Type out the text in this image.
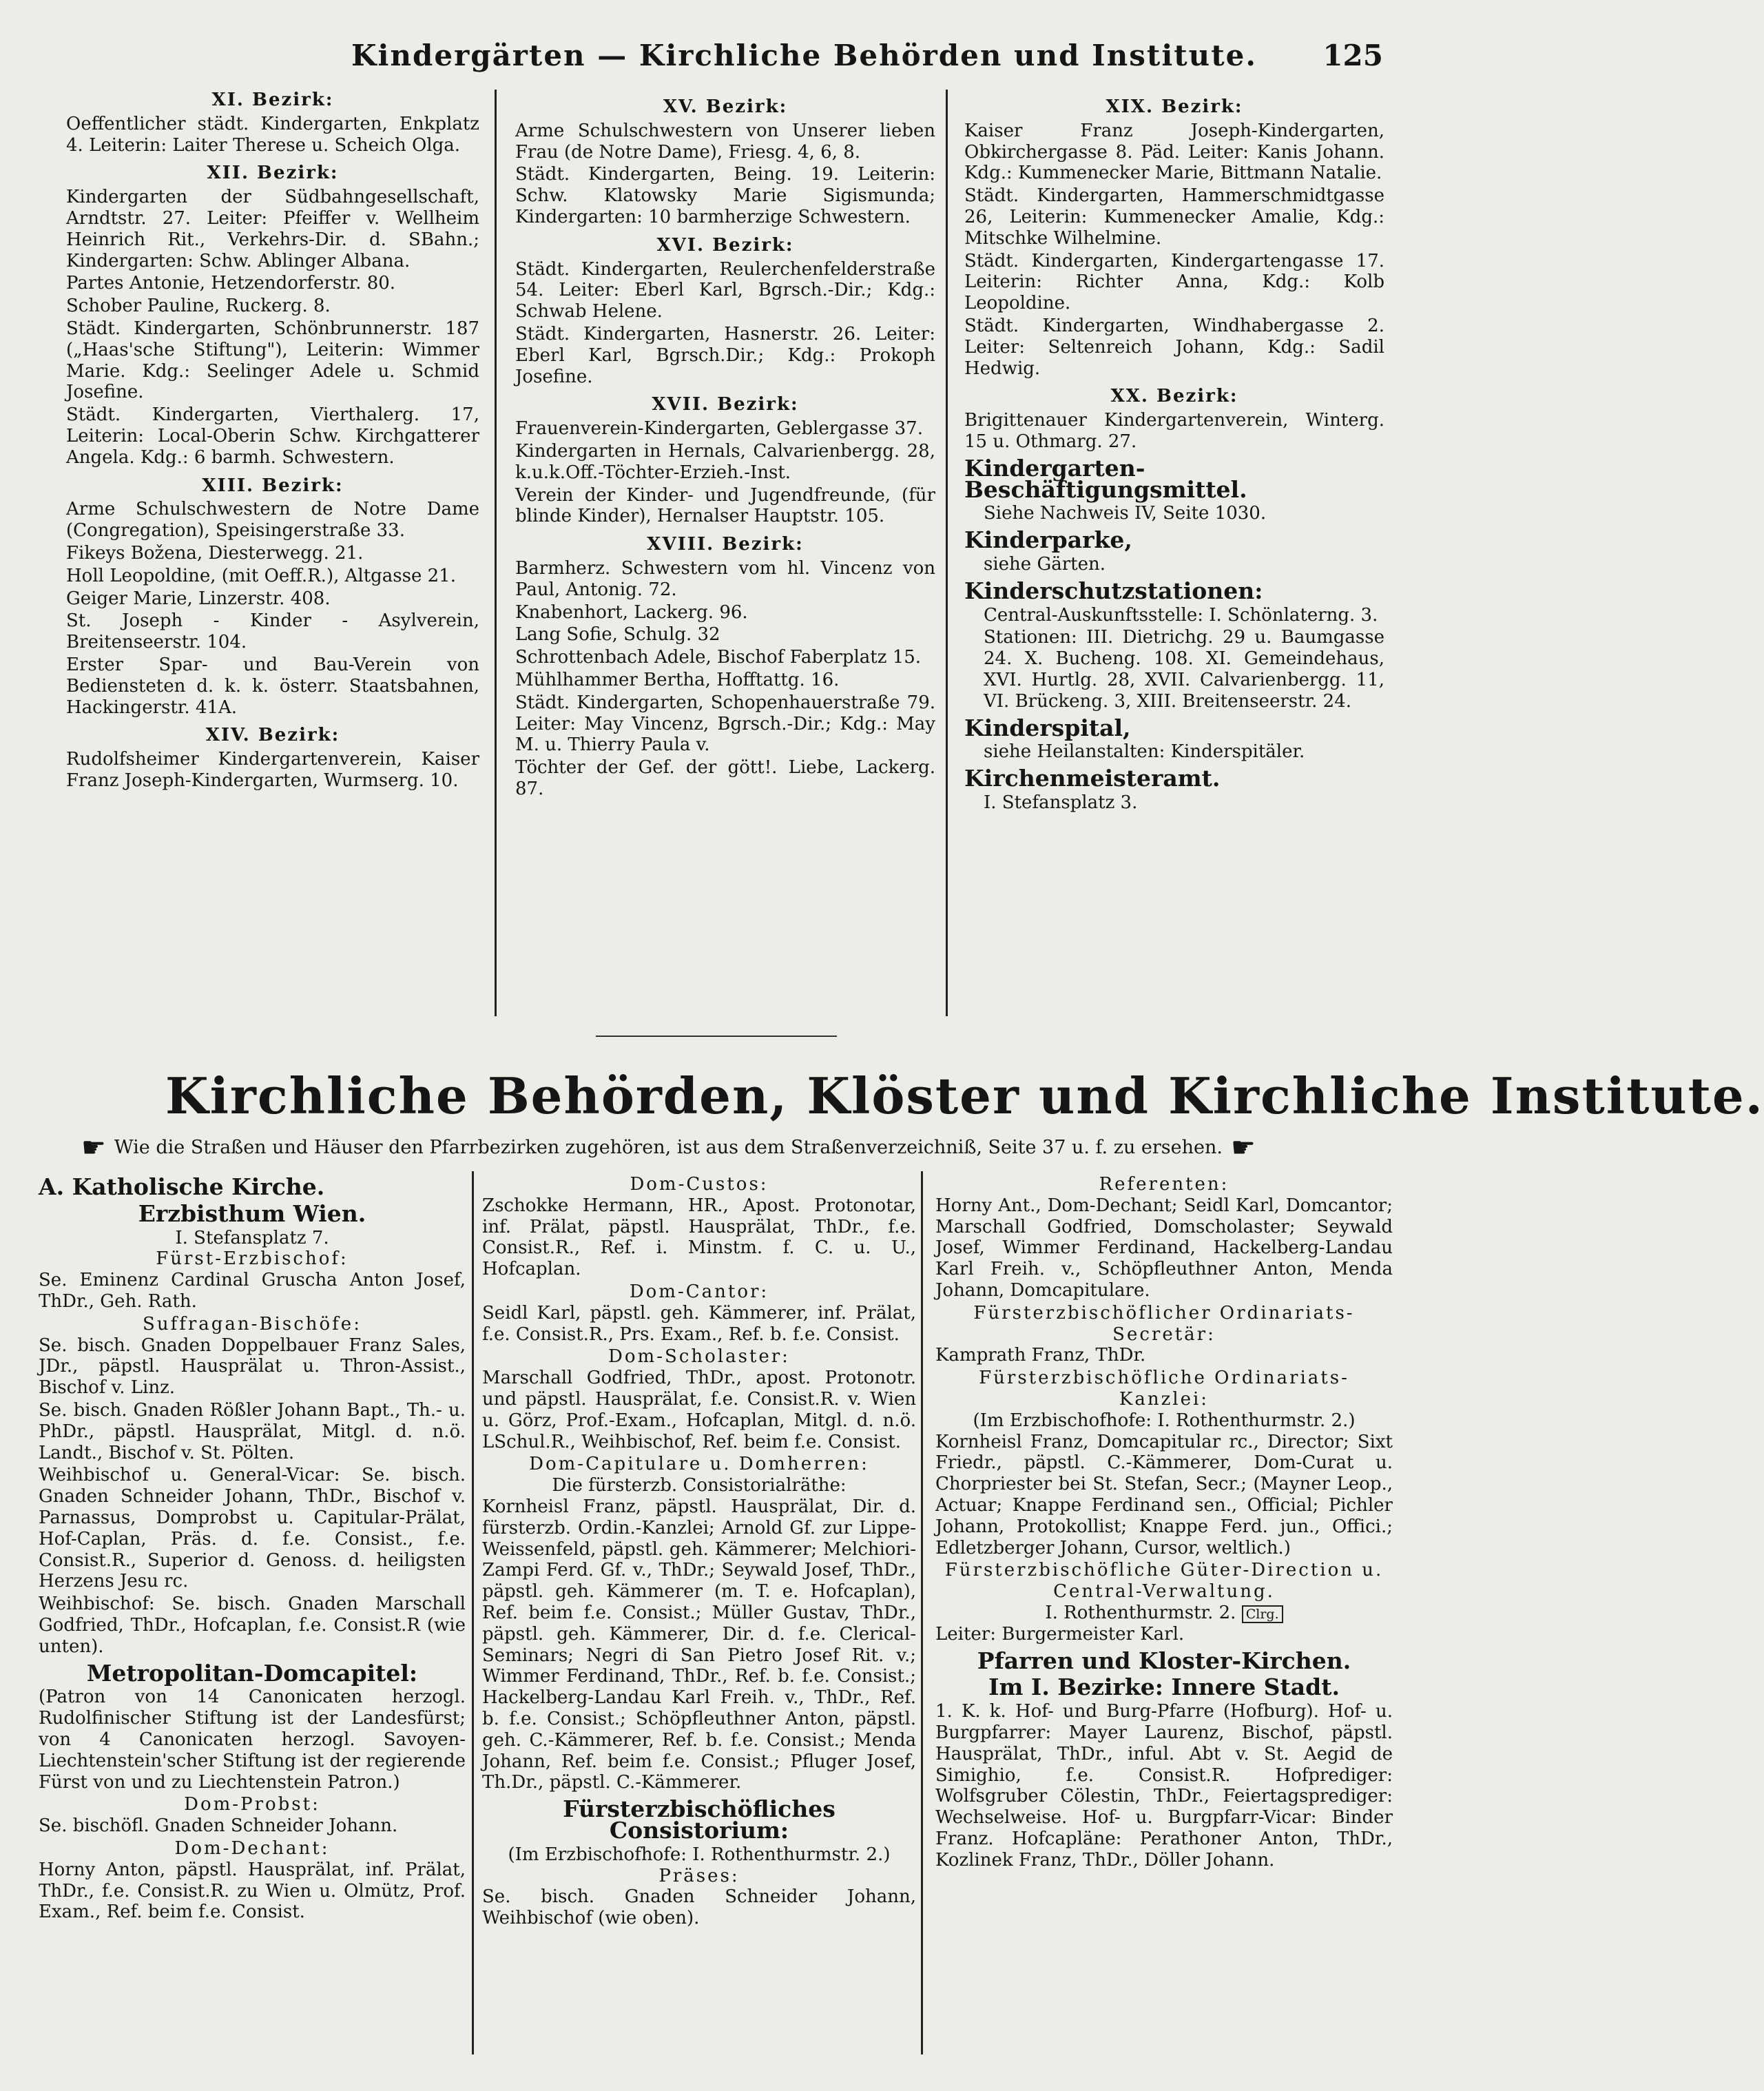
Kindergärten — Kirchliche Behörden und Institute. 125
XI. Bezirk:
Oeffentlicher städt. Kindergarten, Enkplatz 4. Leiterin: Laiter Therese u. Scheich Olga.
XII. Bezirk:
Kindergarten der Südbahngesellschaft, Arndtstr. 27. Leiter: Pfeiffer v. Wellheim Heinrich Rit., Verkehrs-Dir. d. SBahn.; Kindergarten: Schw. Ablinger Albana.
Partes Antonie, Hetzendorferstr. 80.
Schober Pauline, Ruckerg. 8.
Städt. Kindergarten, Schönbrunnerstr. 187 („Haas'sche Stiftung"), Leiterin: Wimmer Marie. Kdg.: Seelinger Adele u. Schmid Josefine.
Städt. Kindergarten, Vierthalerg. 17, Leiterin: Local-Oberin Schw. Kirchgatterer Angela. Kdg.: 6 barmh. Schwestern.
XIII. Bezirk:
Arme Schulschwestern de Notre Dame (Congregation), Speisingerstraße 33.
Fikeys Božena, Diesterwegg. 21.
Holl Leopoldine, (mit Oeff.R.), Altgasse 21.
Geiger Marie, Linzerstr. 408.
St. Joseph - Kinder - Asylverein, Breitenseerstr. 104.
Erster Spar- und Bau-Verein von Bediensteten d. k. k. österr. Staatsbahnen, Hackingerstr. 41A.
XIV. Bezirk:
Rudolfsheimer Kindergartenverein, Kaiser Franz Joseph-Kindergarten, Wurmserg. 10.
XV. Bezirk:
Arme Schulschwestern von Unserer lieben Frau (de Notre Dame), Friesg. 4, 6, 8.
Städt. Kindergarten, Being. 19. Leiterin: Schw. Klatowsky Marie Sigismunda; Kindergarten: 10 barmherzige Schwestern.
XVI. Bezirk:
Städt. Kindergarten, Reulerchenfelderstraße 54. Leiter: Eberl Karl, Bgrsch.-Dir.; Kdg.: Schwab Helene.
Städt. Kindergarten, Hasnerstr. 26. Leiter: Eberl Karl, Bgrsch.Dir.; Kdg.: Prokoph Josefine.
XVII. Bezirk:
Frauenverein-Kindergarten, Geblergasse 37.
Kindergarten in Hernals, Calvarienbergg. 28, k.u.k.Off.-Töchter-Erzieh.-Inst.
Verein der Kinder- und Jugendfreunde, (für blinde Kinder), Hernalser Hauptstr. 105.
XVIII. Bezirk:
Barmherz. Schwestern vom hl. Vincenz von Paul, Antonig. 72.
Knabenhort, Lackerg. 96.
Lang Sofie, Schulg. 32
Schrottenbach Adele, Bischof Faberplatz 15.
Mühlhammer Bertha, Hofftattg. 16.
Städt. Kindergarten, Schopenhauerstraße 79. Leiter: May Vincenz, Bgrsch.-Dir.; Kdg.: May M. u. Thierry Paula v.
Töchter der Gef. der gött!. Liebe, Lackerg. 87.
XIX. Bezirk:
Kaiser Franz Joseph-Kindergarten, Obkirchergasse 8. Päd. Leiter: Kanis Johann. Kdg.: Kummenecker Marie, Bittmann Natalie.
Städt. Kindergarten, Hammerschmidtgasse 26, Leiterin: Kummenecker Amalie, Kdg.: Mitschke Wilhelmine.
Städt. Kindergarten, Kindergartengasse 17. Leiterin: Richter Anna, Kdg.: Kolb Leopoldine.
Städt. Kindergarten, Windhabergasse 2. Leiter: Seltenreich Johann, Kdg.: Sadil Hedwig.
XX. Bezirk:
Brigittenauer Kindergartenverein, Winterg. 15 u. Othmarg. 27.
Kindergarten-Beschäftigungsmittel.
Siehe Nachweis IV, Seite 1030.
Kinderparke,
siehe Gärten.
Kinderschutzstationen:
Central-Auskunftsstelle: I. Schönlaterng. 3.
Stationen: III. Dietrichg. 29 u. Baumgasse 24. X. Bucheng. 108. XI. Gemeindehaus, XVI. Hurtlg. 28, XVII. Calvarienbergg. 11, VI. Brückeng. 3, XIII. Breitenseerstr. 24.
Kinderspital,
siehe Heilanstalten: Kinderspitäler.
Kirchenmeisteramt.
I. Stefansplatz 3.
Kirchliche Behörden, Klöster und Kirchliche Institute.
☛ Wie die Straßen und Häuser den Pfarrbezirken zugehören, ist aus dem Straßenverzeichniß, Seite 37 u. f. zu ersehen. ☛
A. Katholische Kirche.
Erzbisthum Wien.
I. Stefansplatz 7.
Fürst-Erzbischof:
Se. Eminenz Cardinal Gruscha Anton Josef, ThDr., Geh. Rath.
Suffragan-Bischöfe:
Se. bisch. Gnaden Doppelbauer Franz Sales, JDr., päpstl. Hausprälat u. Thron-Assist., Bischof v. Linz.
Se. bisch. Gnaden Rößler Johann Bapt., Th.- u. PhDr., päpstl. Hausprälat, Mitgl. d. n.ö. Landt., Bischof v. St. Pölten.
Weihbischof u. General-Vicar: Se. bisch. Gnaden Schneider Johann, ThDr., Bischof v. Parnassus, Domprobst u. Capitular-Prälat, Hof-Caplan, Präs. d. f.e. Consist., f.e. Consist.R., Superior d. Genoss. d. heiligsten Herzens Jesu rc.
Weihbischof: Se. bisch. Gnaden Marschall Godfried, ThDr., Hofcaplan, f.e. Consist.R (wie unten).
Metropolitan-Domcapitel:
(Patron von 14 Canonicaten herzogl. Rudolfinischer Stiftung ist der Landesfürst; von 4 Canonicaten herzogl. Savoyen-Liechtenstein'scher Stiftung ist der regierende Fürst von und zu Liechtenstein Patron.)
Dom-Probst:
Se. bischöfl. Gnaden Schneider Johann.
Dom-Dechant:
Horny Anton, päpstl. Hausprälat, inf. Prälat, ThDr., f.e. Consist.R. zu Wien u. Olmütz, Prof. Exam., Ref. beim f.e. Consist.
Dom-Custos:
Zschokke Hermann, HR., Apost. Protonotar, inf. Prälat, päpstl. Hausprälat, ThDr., f.e. Consist.R., Ref. i. Minstm. f. C. u. U., Hofcaplan.
Dom-Cantor:
Seidl Karl, päpstl. geh. Kämmerer, inf. Prälat, f.e. Consist.R., Prs. Exam., Ref. b. f.e. Consist.
Dom-Scholaster:
Marschall Godfried, ThDr., apost. Protonotr. und päpstl. Hausprälat, f.e. Consist.R. v. Wien u. Görz, Prof.-Exam., Hofcaplan, Mitgl. d. n.ö. LSchul.R., Weihbischof, Ref. beim f.e. Consist.
Dom-Capitulare u. Domherren:
Die fürsterzb. Consistorialräthe:
Kornheisl Franz, päpstl. Hausprälat, Dir. d. fürsterzb. Ordin.-Kanzlei; Arnold Gf. zur Lippe-Weissenfeld, päpstl. geh. Kämmerer; Melchiori-Zampi Ferd. Gf. v., ThDr.; Seywald Josef, ThDr., päpstl. geh. Kämmerer (m. T. e. Hofcaplan), Ref. beim f.e. Consist.; Müller Gustav, ThDr., päpstl. geh. Kämmerer, Dir. d. f.e. Clerical-Seminars; Negri di San Pietro Josef Rit. v.; Wimmer Ferdinand, ThDr., Ref. b. f.e. Consist.; Hackelberg-Landau Karl Freih. v., ThDr., Ref. b. f.e. Consist.; Schöpfleuthner Anton, päpstl. geh. C.-Kämmerer, Ref. b. f.e. Consist.; Menda Johann, Ref. beim f.e. Consist.; Pfluger Josef, Th.Dr., päpstl. C.-Kämmerer.
Fürsterzbischöfliches Consistorium:
(Im Erzbischofhofe: I. Rothenthurmstr. 2.)
Präses:
Se. bisch. Gnaden Schneider Johann, Weihbischof (wie oben).
Referenten:
Horny Ant., Dom-Dechant; Seidl Karl, Domcantor; Marschall Godfried, Domscholaster; Seywald Josef, Wimmer Ferdinand, Hackelberg-Landau Karl Freih. v., Schöpfleuthner Anton, Menda Johann, Domcapitulare.
Fürsterzbischöflicher Ordinariats-Secretär:
Kamprath Franz, ThDr.
Fürsterzbischöfliche Ordinariats-Kanzlei:
(Im Erzbischofhofe: I. Rothenthurmstr. 2.)
Kornheisl Franz, Domcapitular rc., Director; Sixt Friedr., päpstl. C.-Kämmerer, Dom-Curat u. Chorpriester bei St. Stefan, Secr.; (Mayner Leop., Actuar; Knappe Ferdinand sen., Official; Pichler Johann, Protokollist; Knappe Ferd. jun., Offici.; Edletzberger Johann, Cursor, weltlich.)
Fürsterzbischöfliche Güter-Direction u. Central-Verwaltung.
I. Rothenthurmstr. 2. Clrg.
Leiter: Burgermeister Karl.
Pfarren und Kloster-Kirchen.
Im I. Bezirke: Innere Stadt.
1. K. k. Hof- und Burg-Pfarre (Hofburg). Hof- u. Burgpfarrer: Mayer Laurenz, Bischof, päpstl. Hausprälat, ThDr., inful. Abt v. St. Aegid de Simighio, f.e. Consist.R. Hofprediger: Wolfsgruber Cölestin, ThDr., Feiertagsprediger: Wechselweise. Hof- u. Burgpfarr-Vicar: Binder Franz. Hofcapläne: Perathoner Anton, ThDr., Kozlinek Franz, ThDr., Döller Johann.
